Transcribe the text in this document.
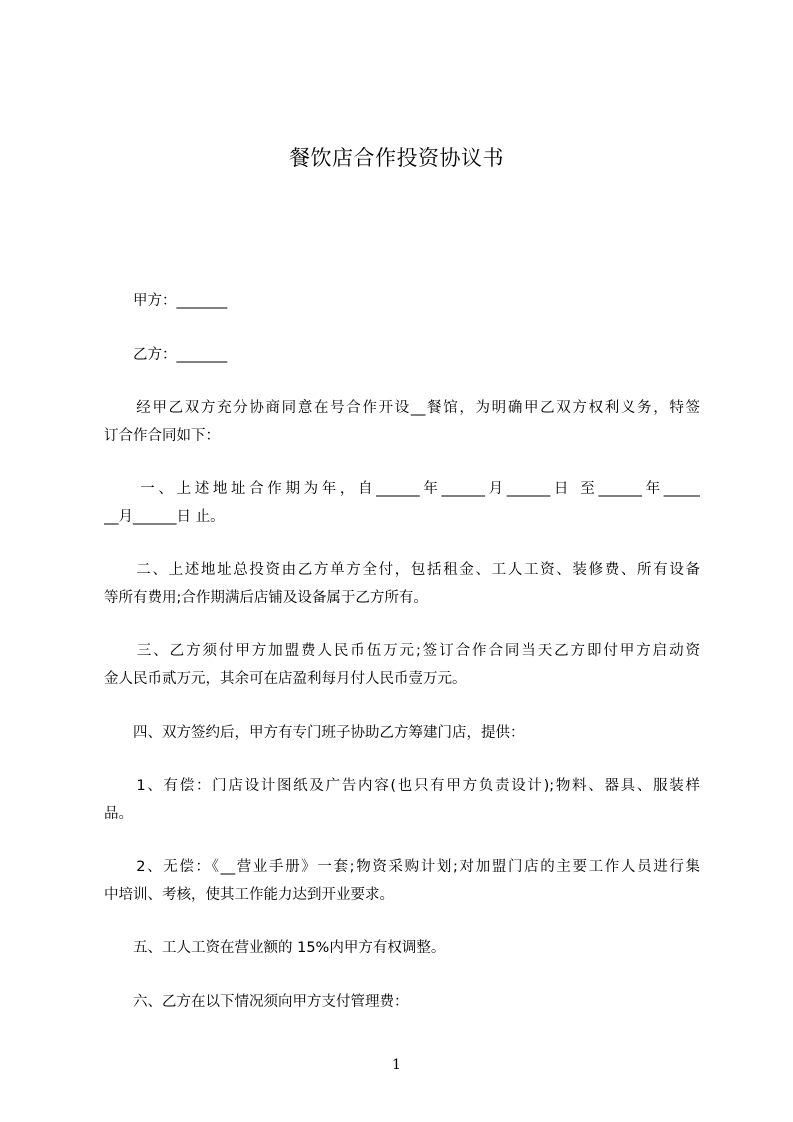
餐饮店合作投资协议书
　　甲方：_______
　　乙方：_______
　　经甲乙双方充分协商同意在号合作开设__餐馆，为明确甲乙双方权利义务，特签
订合作合同如下：
　　一、上述地址合作期为年，自______年______月______日 至______年_____
__月______日 止。
　　二、上述地址总投资由乙方单方全付，包括租金、工人工资、装修费、所有设备
等所有费用;合作期满后店铺及设备属于乙方所有。
　　三、乙方须付甲方加盟费人民币伍万元;签订合作合同当天乙方即付甲方启动资
金人民币贰万元，其余可在店盈利每月付人民币壹万元。
　　四、双方签约后，甲方有专门班子协助乙方筹建门店，提供：
　　1、有偿：门店设计图纸及广告内容(也只有甲方负责设计);物料、器具、服装样
品。
　　2、无偿：《__营业手册》一套;物资采购计划;对加盟门店的主要工作人员进行集
中培训、考核，使其工作能力达到开业要求。
　　五、工人工资在营业额的 15%内甲方有权调整。
　　六、乙方在以下情况须向甲方支付管理费：
1
